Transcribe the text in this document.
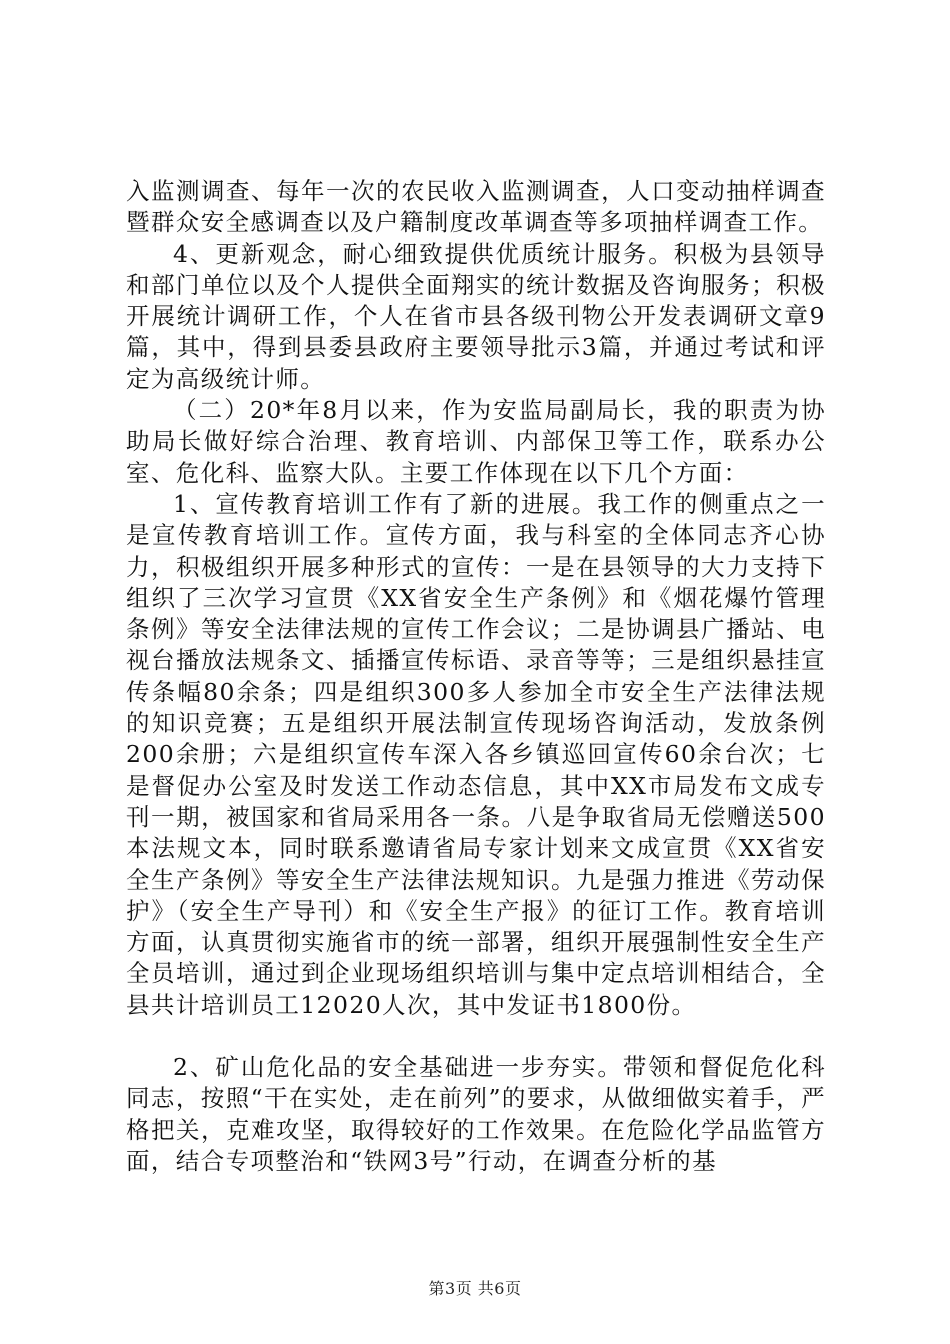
入监测调查、每年一次的农民收入监测调查，人口变动抽样调查暨群众安全感调查以及户籍制度改革调查等多项抽样调查工作。

4、更新观念，耐心细致提供优质统计服务。积极为县领导和部门单位以及个人提供全面翔实的统计数据及咨询服务；积极开展统计调研工作，个人在省市县各级刊物公开发表调研文章9篇，其中，得到县委县政府主要领导批示3篇，并通过考试和评定为高级统计师。

（二）20*年8月以来，作为安监局副局长，我的职责为协助局长做好综合治理、教育培训、内部保卫等工作，联系办公室、危化科、监察大队。主要工作体现在以下几个方面：

1、宣传教育培训工作有了新的进展。我工作的侧重点之一是宣传教育培训工作。宣传方面，我与科室的全体同志齐心协力，积极组织开展多种形式的宣传：一是在县领导的大力支持下组织了三次学习宣贯《XX省安全生产条例》和《烟花爆竹管理条例》等安全法律法规的宣传工作会议；二是协调县广播站、电视台播放法规条文、插播宣传标语、录音等等；三是组织悬挂宣传条幅80余条；四是组织300多人参加全市安全生产法律法规的知识竞赛；五是组织开展法制宣传现场咨询活动，发放条例200余册；六是组织宣传车深入各乡镇巡回宣传60余台次；七是督促办公室及时发送工作动态信息，其中XX市局发布文成专刊一期，被国家和省局采用各一条。八是争取省局无偿赠送500本法规文本，同时联系邀请省局专家计划来文成宣贯《XX省安全生产条例》等安全生产法律法规知识。九是强力推进《劳动保护》（安全生产导刊）和《安全生产报》的征订工作。教育培训方面，认真贯彻实施省市的统一部署，组织开展强制性安全生产全员培训，通过到企业现场组织培训与集中定点培训相结合，全县共计培训员工12020人次，其中发证书1800份。

2、矿山危化品的安全基础进一步夯实。带领和督促危化科同志，按照“干在实处，走在前列”的要求，从做细做实着手，严格把关，克难攻坚，取得较好的工作效果。在危险化学品监管方面，结合专项整治和“铁网3号”行动，在调查分析的基

第3页 共6页
